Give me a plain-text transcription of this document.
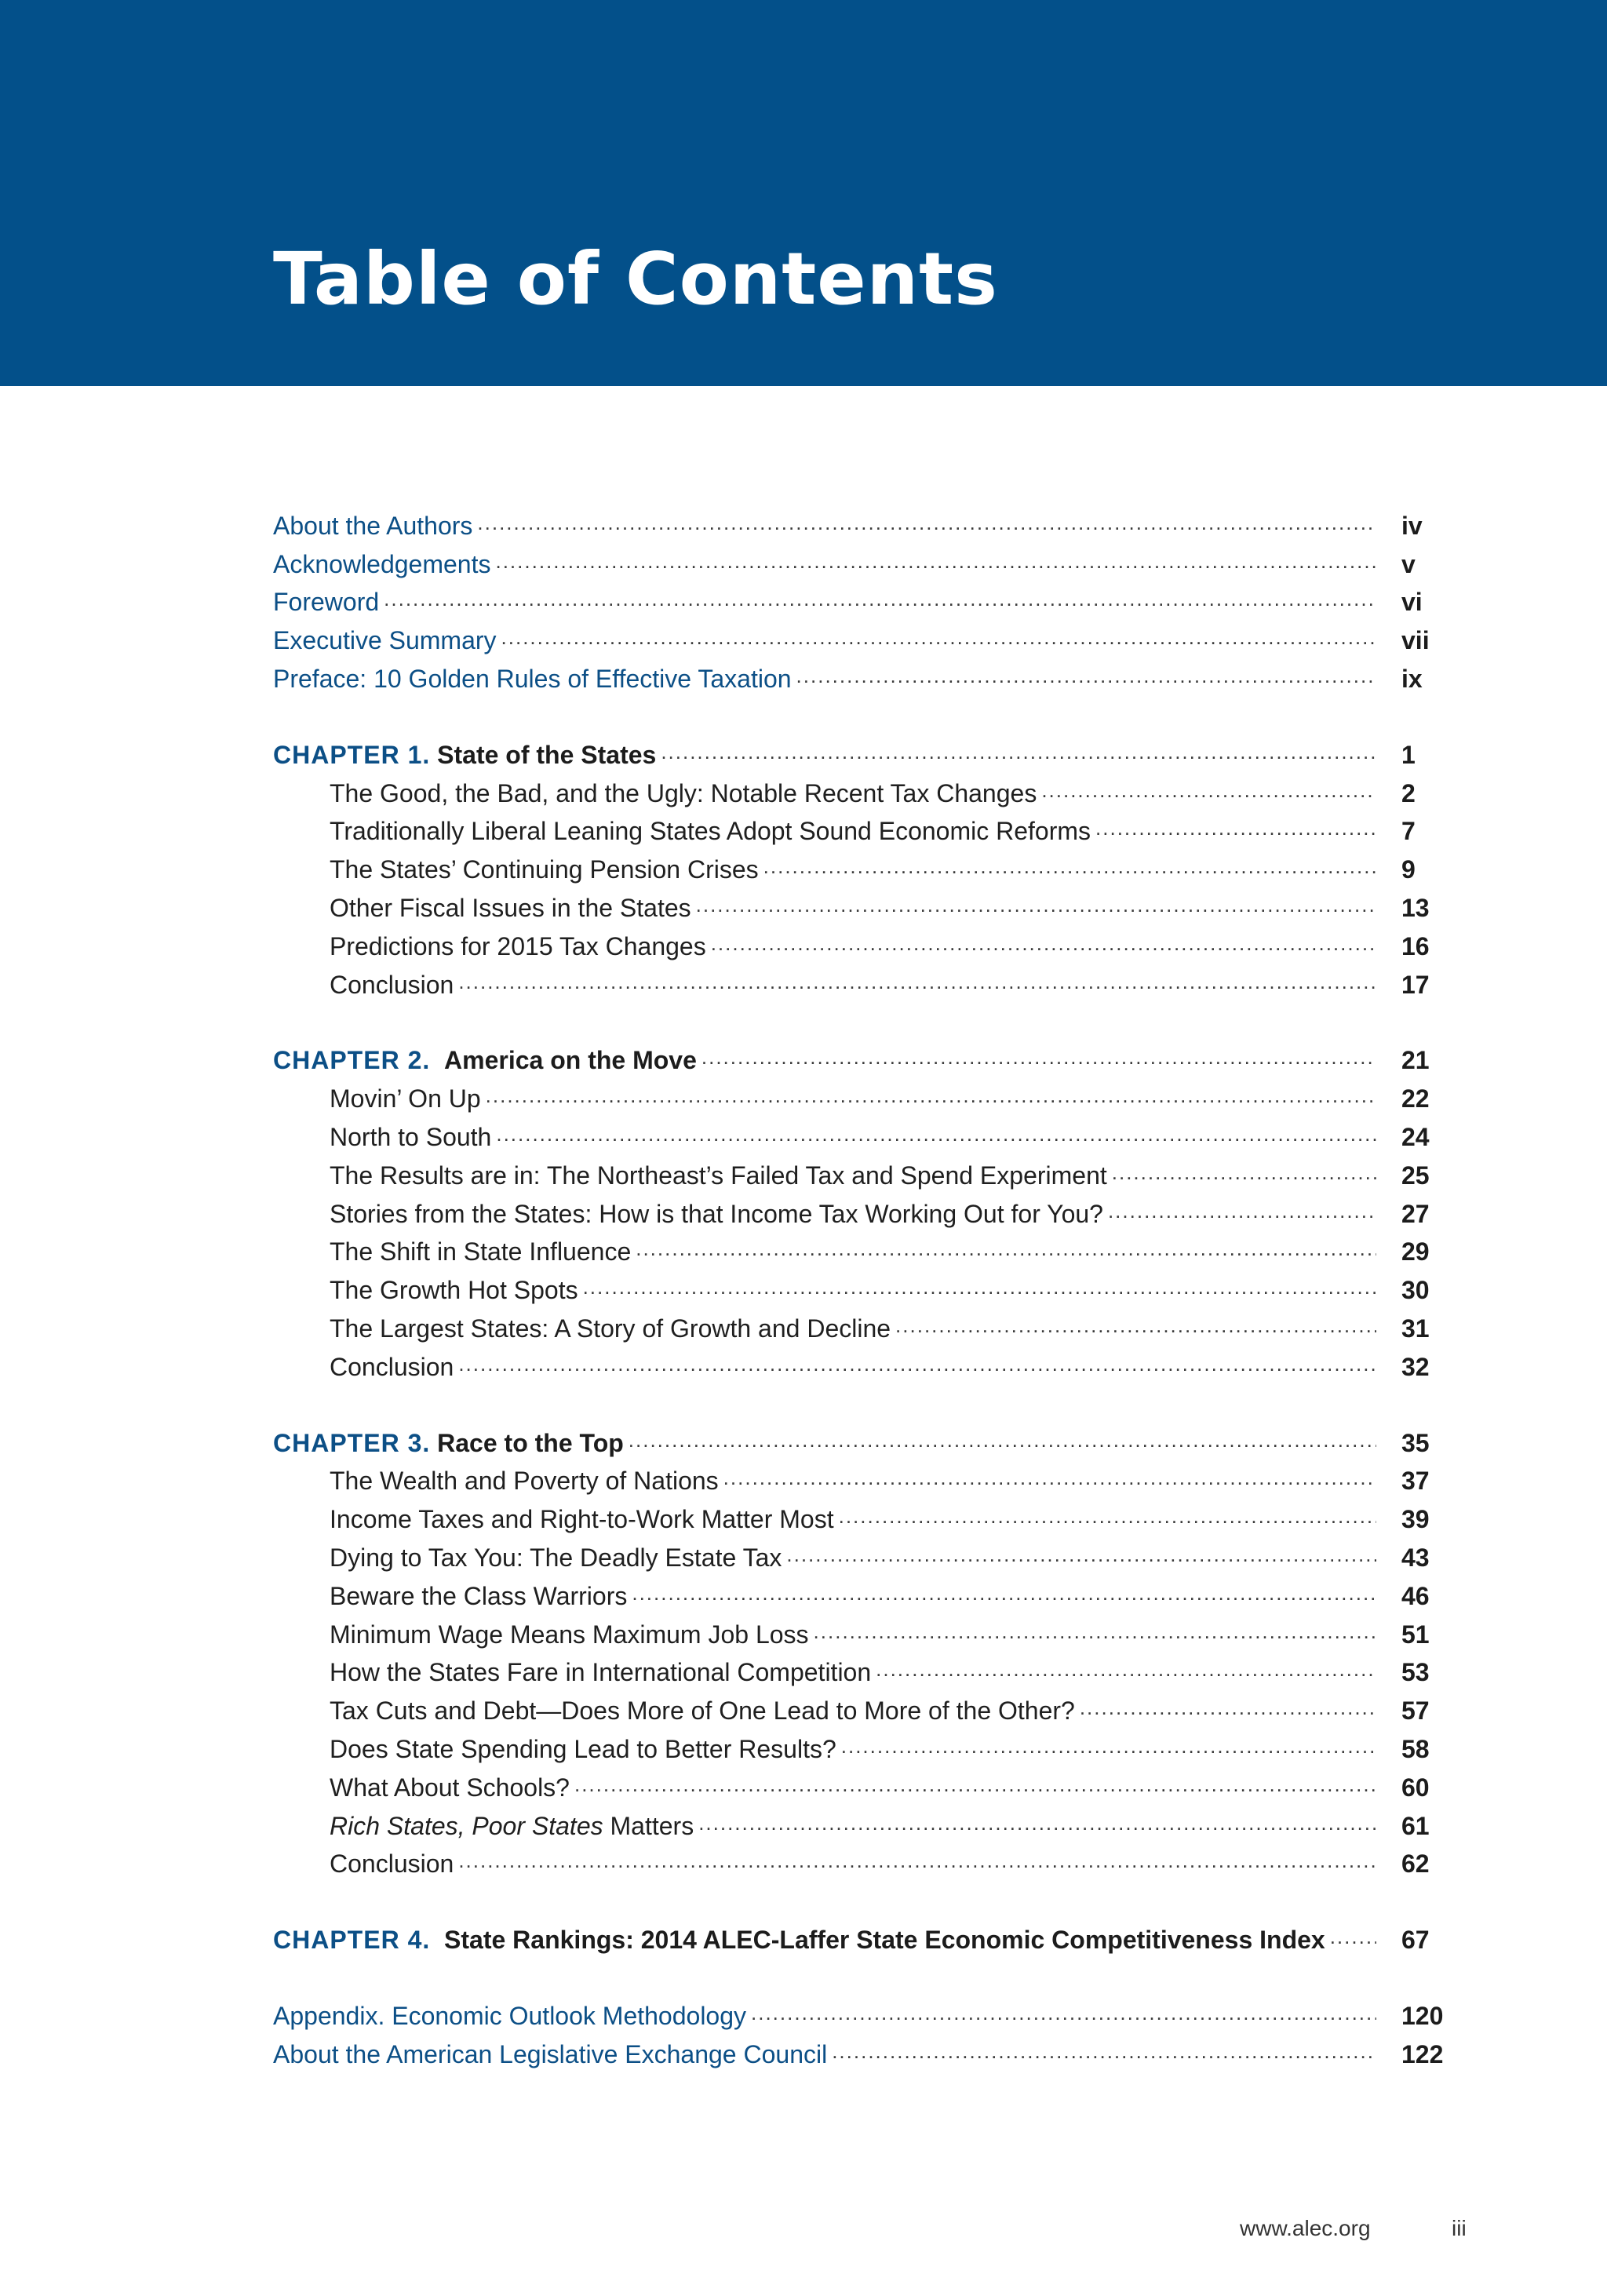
Table of Contents
About the Authors .....	iv
Acknowledgements .....	v
Foreword .....	vi
Executive Summary .....	vii
Preface: 10 Golden Rules of Effective Taxation .....	ix
CHAPTER 1. State of the States .....	1
The Good, the Bad, and the Ugly: Notable Recent Tax Changes .....	2
Traditionally Liberal Leaning States Adopt Sound Economic Reforms .....	7
The States’ Continuing Pension Crises .....	9
Other Fiscal Issues in the States .....	13
Predictions for 2015 Tax Changes .....	16
Conclusion .....	17
CHAPTER 2. America on the Move .....	21
Movin’ On Up .....	22
North to South .....	24
The Results are in: The Northeast’s Failed Tax and Spend Experiment .....	25
Stories from the States: How is that Income Tax Working Out for You? .....	27
The Shift in State Influence .....	29
The Growth Hot Spots .....	30
The Largest States: A Story of Growth and Decline .....	31
Conclusion .....	32
CHAPTER 3. Race to the Top .....	35
The Wealth and Poverty of Nations .....	37
Income Taxes and Right-to-Work Matter Most .....	39
Dying to Tax You: The Deadly Estate Tax .....	43
Beware the Class Warriors .....	46
Minimum Wage Means Maximum Job Loss .....	51
How the States Fare in International Competition .....	53
Tax Cuts and Debt—Does More of One Lead to More of the Other? .....	57
Does State Spending Lead to Better Results? .....	58
What About Schools? .....	60
Rich States, Poor States Matters .....	61
Conclusion .....	62
CHAPTER 4. State Rankings: 2014 ALEC-Laffer State Economic Competitiveness Index .....	67
Appendix. Economic Outlook Methodology .....	120
About the American Legislative Exchange Council .....	122
www.alec.org	iii
